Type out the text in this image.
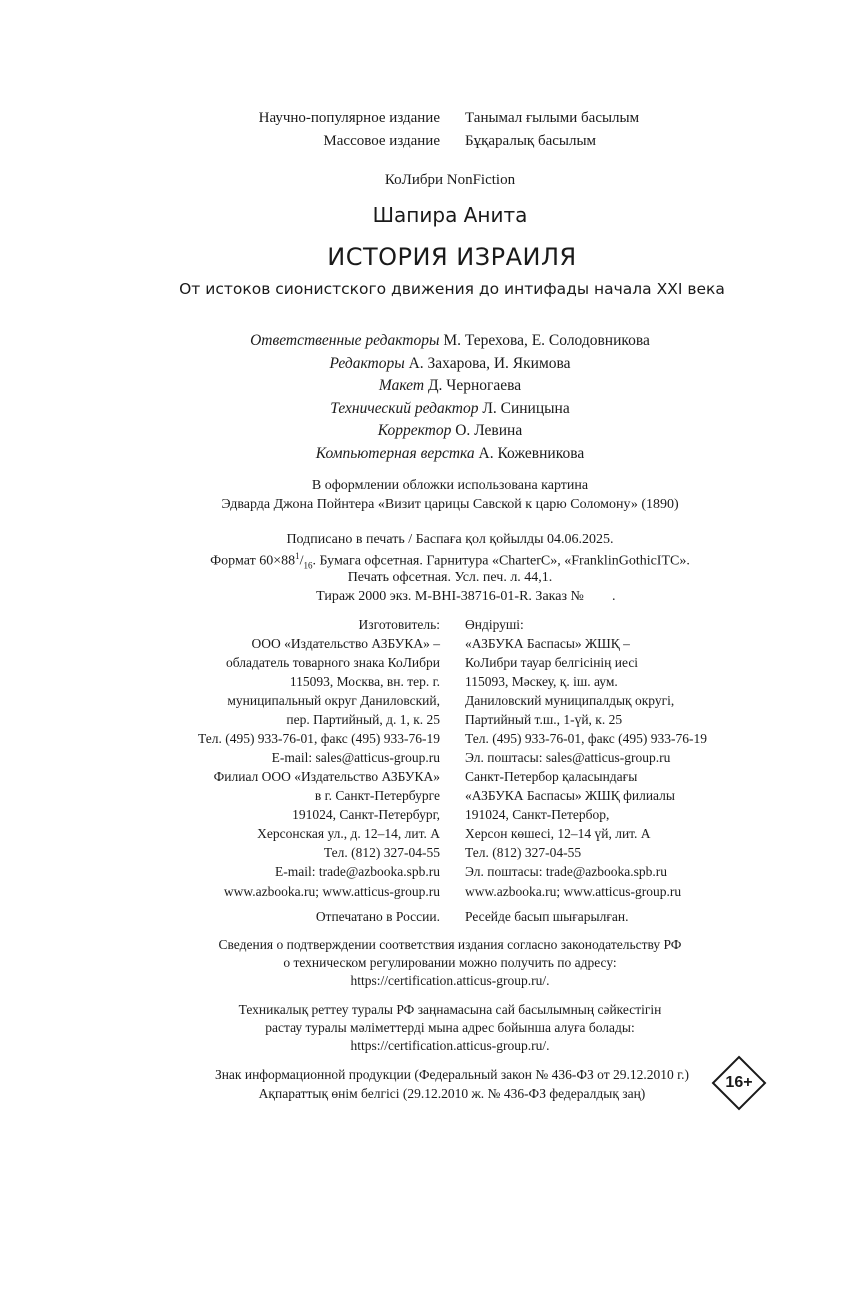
Научно-популярное издание Танымал ғылыми басылым
Массовое издание Бұқаралық басылым
КоЛибри NonFiction
Шапира Анита
ИСТОРИЯ ИЗРАИЛЯ
От истоков сионистского движения до интифады начала XXI века
Ответственные редакторы М. Терехова, Е. Солодовникова
Редакторы А. Захарова, И. Якимова
Макет Д. Черногаева
Технический редактор Л. Синицына
Корректор О. Левина
Компьютерная верстка А. Кожевникова
В оформлении обложки использована картина
Эдварда Джона Пойнтера «Визит царицы Савской к царю Соломону» (1890)
Подписано в печать / Баспаға қол қойылды 04.06.2025.
Формат $60\times 88^1/_{16}$. Бумага офсетная. Гарнитура «CharterC», «FranklinGothicITC».
Печать офсетная. Усл. печ. л. 44,1.
Тираж 2000 экз. M-BHI-38716-01-R. Заказ №	.
Изготовитель:
ООО «Издательство АЗБУКА» –
обладатель товарного знака КоЛибри
115093, Москва, вн. тер. г.
муниципальный округ Даниловский,
пер. Партийный, д. 1, к. 25
Тел. (495) 933-76-01, факс (495) 933-76-19
E-mail: sales@atticus-group.ru
Өндіруші:
«АЗБУКА Баспасы» ЖШҚ –
КоЛибри тауар белгісінің иесі
115093, Мәскеу, қ. іш. аум.
Даниловский муниципалдық округі,
Партийный т.ш., 1-үй, к. 25
Тел. (495) 933-76-01, факс (495) 933-76-19
Эл. поштасы: sales@atticus-group.ru
Филиал ООО «Издательство АЗБУКА»
в г. Санкт-Петербурге
191024, Санкт-Петербург,
Херсонская ул., д. 12–14, лит. А
Тел. (812) 327-04-55
E-mail: trade@azbooka.spb.ru
Санкт-Петербор қаласындағы
«АЗБУКА Баспасы» ЖШҚ филиалы
191024, Санкт-Петербор,
Херсон көшесі, 12–14 үй, лит. А
Тел. (812) 327-04-55
Эл. поштасы: trade@azbooka.spb.ru
www.azbooka.ru; www.atticus-group.ru www.azbooka.ru; www.atticus-group.ru
Отпечатано в России. Ресейде басып шығарылған.
Сведения о подтверждении соответствия издания согласно законодательству РФ
о техническом регулировании можно получить по адресу:
https://certification.atticus-group.ru/.
Техникалық реттеу туралы РФ заңнамасына сай басылымның сәйкестігін
растау туралы мәліметтерді мына адрес бойынша алуға болады:
https://certification.atticus-group.ru/.
Знак информационной продукции (Федеральный закон № 436-ФЗ от 29.12.2010 г.)
Ақпараттық өнім белгісі (29.12.2010 ж. № 436-ФЗ федералдық заң)
16+
